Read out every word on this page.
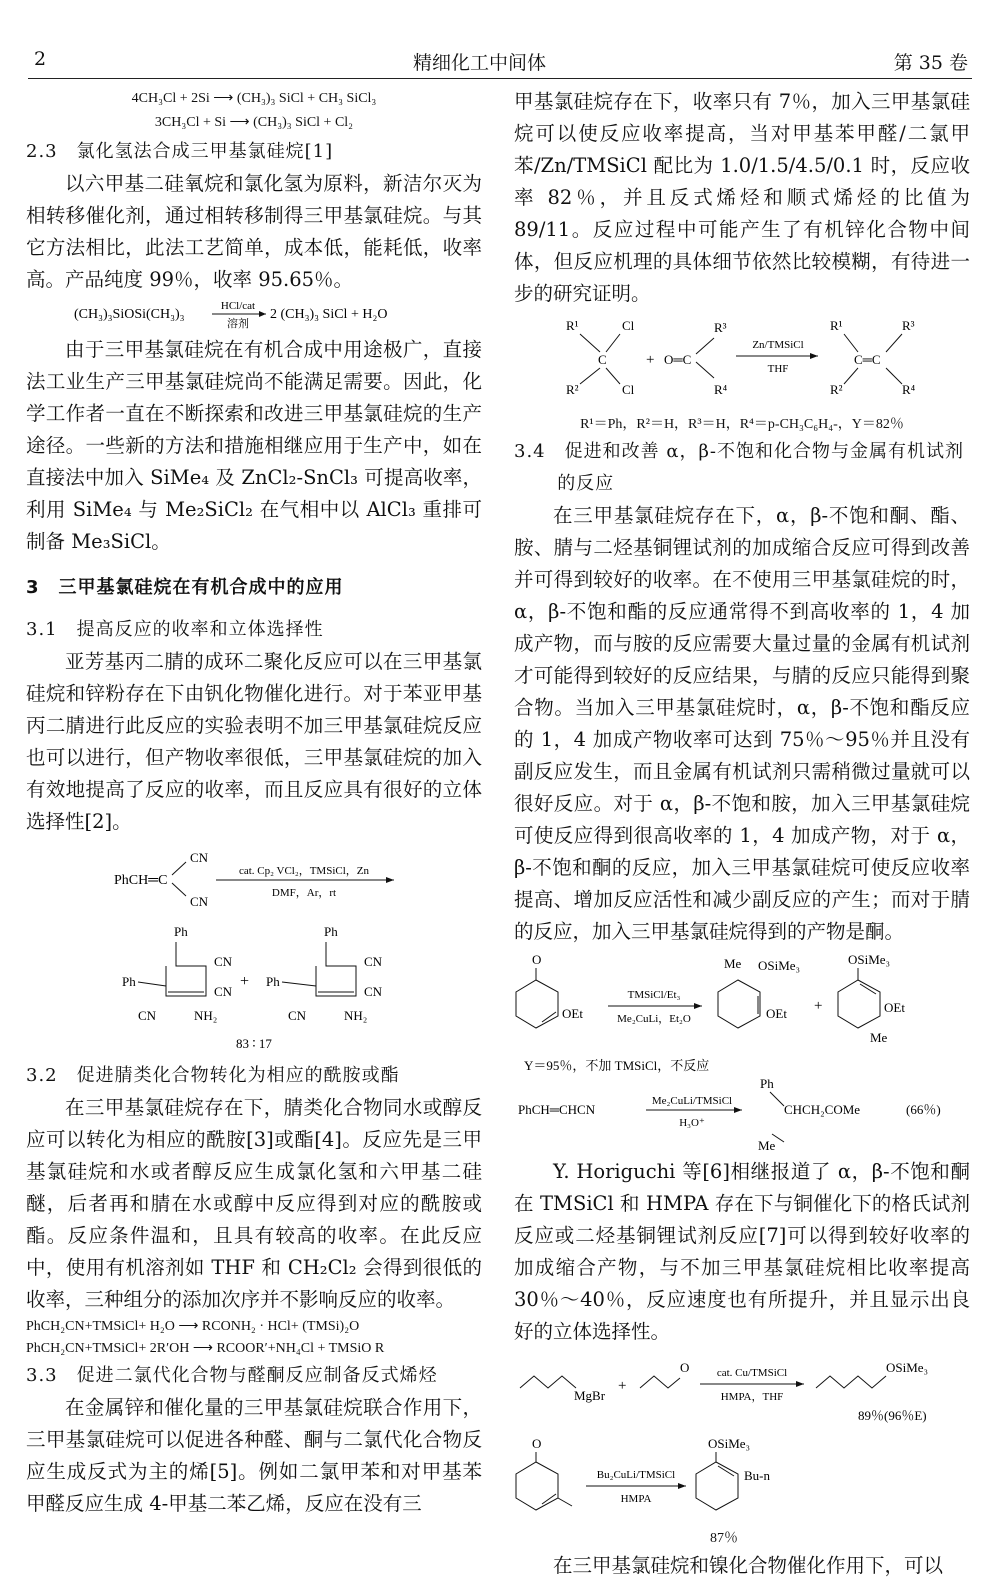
2	精细化工中间体	第 35 卷
4CH₃Cl + 2Si ⟶ (CH₃)₃ SiCl + CH₃ SiCl₃
3CH₃Cl + Si ⟶ (CH₃)₃ SiCl + Cl₂

2.3　氯化氢法合成三甲基氯硅烷[1]

以六甲基二硅氧烷和氯化氢为原料，新洁尔灭为相转移催化剂，通过相转移制得三甲基氯硅烷。与其它方法相比，此法工艺简单，成本低，能耗低，收率高。产品纯度 99％，收率 95.65％。

(CH₃)₃SiOSi(CH₃)₃
HCl/cat
溶剂
2 (CH₃)₃ SiCl + H₂O

由于三甲基氯硅烷在有机合成中用途极广，直接法工业生产三甲基氯硅烷尚不能满足需要。因此，化学工作者一直在不断探索和改进三甲基氯硅烷的生产途径。一些新的方法和措施相继应用于生产中，如在直接法中加入 SiMe₄ 及 ZnCl₂-SnCl₃ 可提高收率，利用 SiMe₄ 与 Me₂SiCl₂ 在气相中以 AlCl₃ 重排可制备 Me₃SiCl。

3　三甲基氯硅烷在有机合成中的应用

3.1　提高反应的收率和立体选择性

亚芳基丙二腈的成环二聚化反应可以在三甲基氯硅烷和锌粉存在下由钒化物催化进行。对于苯亚甲基丙二腈进行此反应的实验表明不加三甲基氯硅烷反应也可以进行，但产物收率很低，三甲基氯硅烷的加入有效地提高了反应的收率，而且反应具有很好的立体选择性[2]。

PhCH═C
CN
CN
cat. Cp₂ VCl₂，TMSiCl，Zn
DMF，Ar，rt
Ph
Ph
CN
CN
CN	NH₂
+
Ph
Ph
CN
CN
CN	NH₂
83 ∶ 17

3.2　促进腈类化合物转化为相应的酰胺或酯

在三甲基氯硅烷存在下，腈类化合物同水或醇反应可以转化为相应的酰胺[3]或酯[4]。反应先是三甲基氯硅烷和水或者醇反应生成氯化氢和六甲基二硅醚，后者再和腈在水或醇中反应得到对应的酰胺或酯。反应条件温和，且具有较高的收率。在此反应中，使用有机溶剂如 THF 和 CH₂Cl₂ 会得到很低的收率，三种组分的添加次序并不影响反应的收率。

PhCH₂CN+TMSiCl+ H₂O ⟶ RCONH₂ · HCl+ (TMSi)₂O

PhCH₂CN+TMSiCl+ 2R′OH ⟶ RCOOR′+NH₄Cl + TMSiO R

3.3　促进二氯代化合物与醛酮反应制备反式烯烃

在金属锌和催化量的三甲基氯硅烷联合作用下，三甲基氯硅烷可以促进各种醛、酮与二氯代化合物反应生成反式为主的烯[5]。例如二氯甲苯和对甲基苯甲醛反应生成 4-甲基二苯乙烯，反应在没有三

甲基氯硅烷存在下，收率只有 7％，加入三甲基氯硅烷可以使反应收率提高，当对甲基苯甲醛/二氯甲苯/Zn/TMSiCl 配比为 1.0/1.5/4.5/0.1 时，反应收率 82％，并且反式烯烃和顺式烯烃的比值为 89/11。反应过程中可能产生了有机锌化合物中间体，但反应机理的具体细节依然比较模糊，有待进一步的研究证明。

R¹	Cl
C
R²	Cl
+ O═C
R³
R⁴
Zn/TMSiCl
THF
R¹
C═C
R²
R³
R⁴

R¹＝Ph，R²＝H，R³＝H，R⁴＝p-CH₃C₆H₄-，Y＝82％

3.4　促进和改善 α，β-不饱和化合物与金属有机试剂的反应

在三甲基氯硅烷存在下，α，β-不饱和酮、酯、胺、腈与二烃基铜锂试剂的加成缩合反应可得到改善并可得到较好的收率。在不使用三甲基氯硅烷的时，α，β-不饱和酯的反应通常得不到高收率的 1，4 加成产物，而与胺的反应需要大量过量的金属有机试剂才可能得到较好的反应结果，与腈的反应只能得到聚合物。当加入三甲基氯硅烷时，α，β-不饱和酯反应的 1，4 加成产物收率可达到 75％～95％并且没有副反应发生，而且金属有机试剂只需稍微过量就可以很好反应。对于 α，β-不饱和胺，加入三甲基氯硅烷可使反应得到很高收率的 1，4 加成产物，对于 α，β-不饱和酮的反应，加入三甲基氯硅烷可使反应收率提高、增加反应活性和减少副反应的产生；而对于腈的反应，加入三甲基氯硅烷得到的产物是酮。

O
OEt
TMSiCl/Et₃
Me₂CuLi，Et₂O
Me OSiMe₃
OEt +
OSiMe₃
OEt
Me
Y＝95％，不加 TMSiCl，不反应
PhCH═CHCN
Me₂CuLi/TMSiCl
H₃O⁺
Ph
CHCH₂COMe	(66％)

Me

Y. Horiguchi 等[6]相继报道了 α，β-不饱和酮在 TMSiCl 和 HMPA 存在下与铜催化下的格氏试剂反应或二烃基铜锂试剂反应[7]可以得到较好收率的加成缩合产物，与不加三甲基氯硅烷相比收率提高 30％～40％，反应速度也有所提升，并且显示出良好的立体选择性。

MgBr
+
O cat. Cu/TMSiCl
HMPA，THF
OSiMe₃
89％(96％E)
O
Bu₂CuLi/TMSiCl
HMPA
OSiMe₃
Bu-n

87％

在三甲基氯硅烷和镍化合物催化作用下，可以
